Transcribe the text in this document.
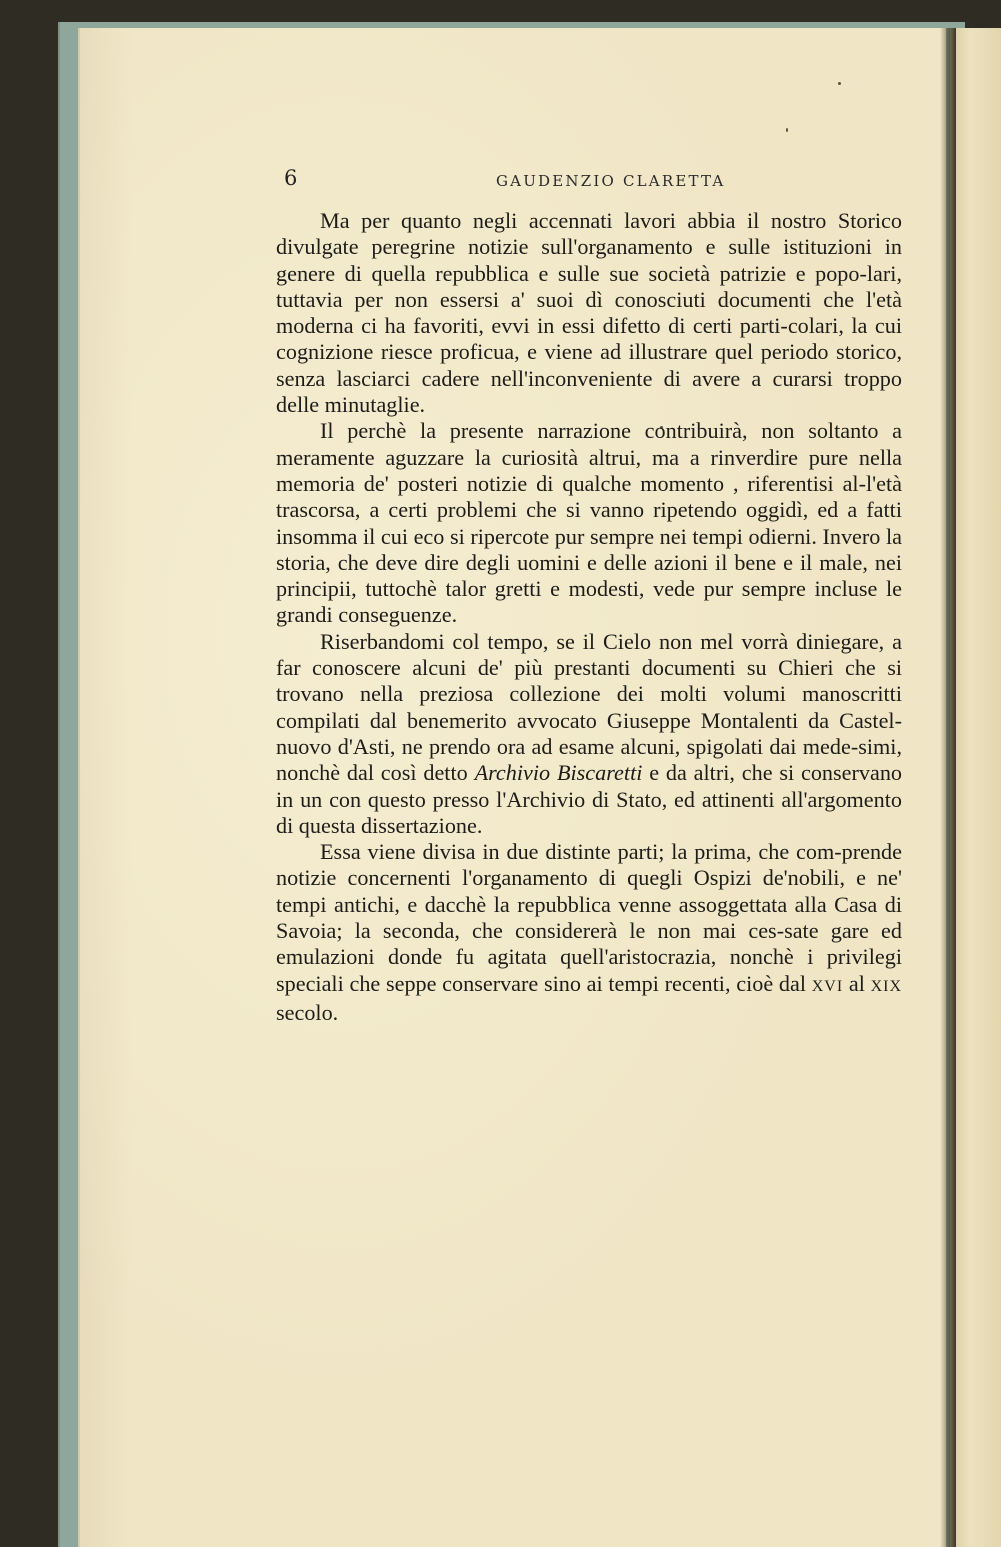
6	GAUDENZIO CLARETTA

Ma per quanto negli accennati lavori abbia il nostro Storico divulgate peregrine notizie sull'organamento e sulle istituzioni in genere di quella repubblica e sulle sue società patrizie e popo-lari, tuttavia per non essersi a' suoi dì conosciuti documenti che l'età moderna ci ha favoriti, evvi in essi difetto di certi parti-colari, la cui cognizione riesce proficua, e viene ad illustrare quel periodo storico, senza lasciarci cadere nell'inconveniente di avere a curarsi troppo delle minutaglie.

Il perchè la presente narrazione contribuirà, non soltanto a meramente aguzzare la curiosità altrui, ma a rinverdire pure nella memoria de' posteri notizie di qualche momento , riferentisi al-l'età trascorsa, a certi problemi che si vanno ripetendo oggidì, ed a fatti insomma il cui eco si ripercote pur sempre nei tempi odierni. Invero la storia, che deve dire degli uomini e delle azioni il bene e il male, nei principii, tuttochè talor gretti e modesti, vede pur sempre incluse le grandi conseguenze.

Riserbandomi col tempo, se il Cielo non mel vorrà diniegare, a far conoscere alcuni de' più prestanti documenti su Chieri che si trovano nella preziosa collezione dei molti volumi manoscritti compilati dal benemerito avvocato Giuseppe Montalenti da Castel-nuovo d'Asti, ne prendo ora ad esame alcuni, spigolati dai mede-simi, nonchè dal così detto Archivio Biscaretti e da altri, che si conservano in un con questo presso l'Archivio di Stato, ed attinenti all'argomento di questa dissertazione.

Essa viene divisa in due distinte parti; la prima, che com-prende notizie concernenti l'organamento di quegli Ospizi de'nobili, e ne' tempi antichi, e dacchè la repubblica venne assoggettata alla Casa di Savoia; la seconda, che considererà le non mai ces-sate gare ed emulazioni donde fu agitata quell'aristocrazia, nonchè i privilegi speciali che seppe conservare sino ai tempi recenti, cioè dal XVI al XIX secolo.
